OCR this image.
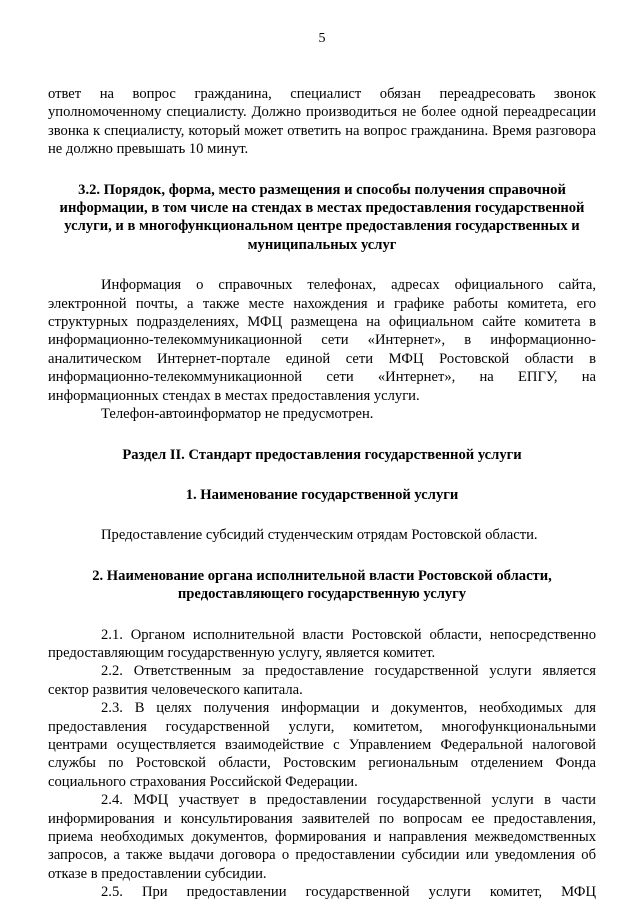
5

ответ на вопрос гражданина, специалист обязан переадресовать звонок уполномоченному специалисту. Должно производиться не более одной переадресации звонка к специалисту, который может ответить на вопрос гражданина. Время разговора не должно превышать 10 минут.

3.2. Порядок, форма, место размещения и способы получения справочной информации, в том числе на стендах в местах предоставления государственной услуги, и в многофункциональном центре предоставления государственных и муниципальных услуг

Информация о справочных телефонах, адресах официального сайта, электронной почты, а также месте нахождения и графике работы комитета, его структурных подразделениях, МФЦ размещена на официальном сайте комитета в информационно-телекоммуникационной сети «Интернет», в информационно-аналитическом Интернет-портале единой сети МФЦ Ростовской области в информационно-телекоммуникационной сети «Интернет», на ЕПГУ, на информационных стендах в местах предоставления услуги.

Телефон-автоинформатор не предусмотрен.

Раздел II. Стандарт предоставления государственной услуги
1. Наименование государственной услуги

Предоставление субсидий студенческим отрядам Ростовской области.

2. Наименование органа исполнительной власти Ростовской области, предоставляющего государственную услугу

2.1. Органом исполнительной власти Ростовской области, непосредственно предоставляющим государственную услугу, является комитет.

2.2. Ответственным за предоставление государственной услуги является сектор развития человеческого капитала.

2.3. В целях получения информации и документов, необходимых для предоставления государственной услуги, комитетом, многофункциональными центрами осуществляется взаимодействие с Управлением Федеральной налоговой службы по Ростовской области, Ростовским региональным отделением Фонда социального страхования Российской Федерации.

2.4. МФЦ участвует в предоставлении государственной услуги в части информирования и консультирования заявителей по вопросам ее предоставления, приема необходимых документов, формирования и направления межведомственных запросов, а также выдачи договора о предоставлении субсидии или уведомления об отказе в предоставлении субсидии.

2.5. При предоставлении государственной услуги комитет, МФЦ
